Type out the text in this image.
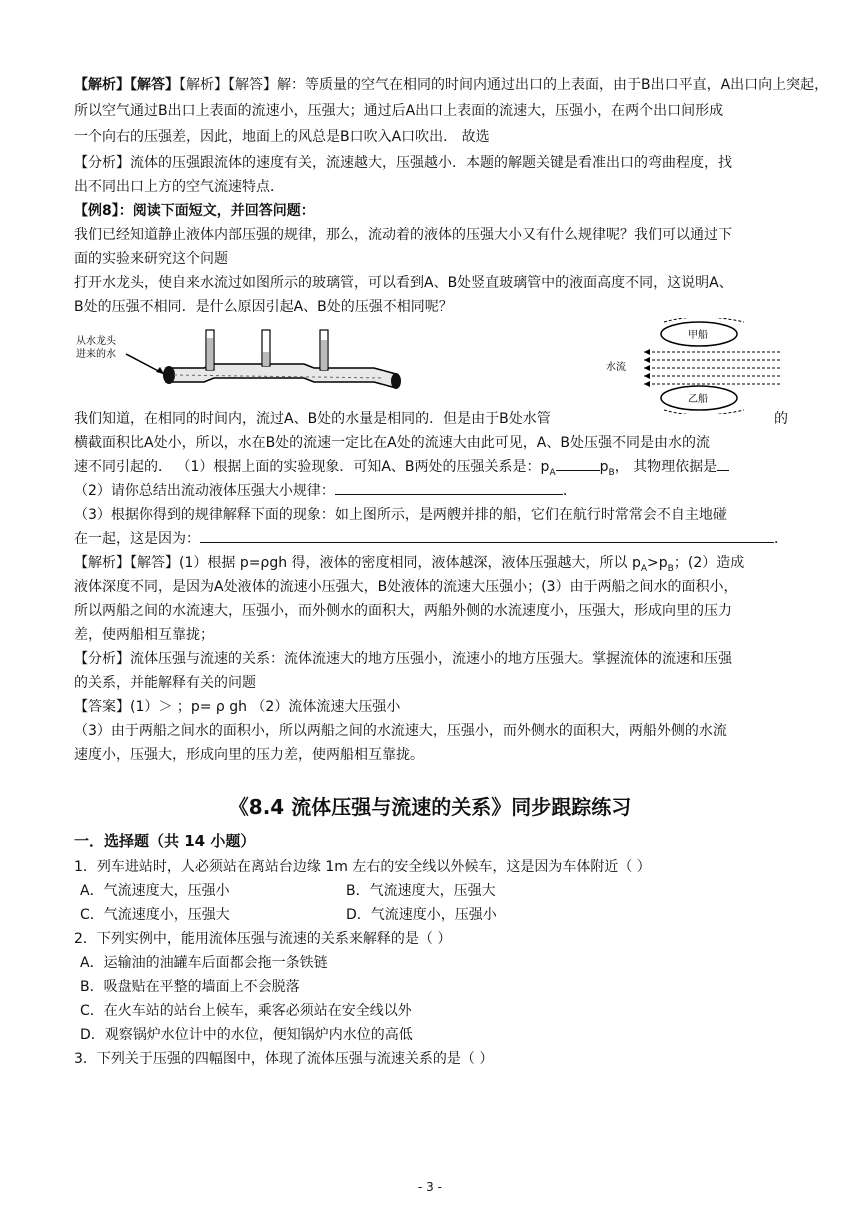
【解析】【解答】【解析】【解答】解：等质量的空气在相同的时间内通过出口的上表面，由于B出口平直，A出口向上突起，
所以空气通过B出口上表面的流速小，压强大；通过后A出口上表面的流速大，压强小，在两个出口间形成
一个向右的压强差，因此，地面上的风总是B口吹入A口吹出． 故选
【分析】流体的压强跟流体的速度有关，流速越大，压强越小．本题的解题关键是看准出口的弯曲程度，找
出不同出口上方的空气流速特点．
【例8】：阅读下面短文，并回答问题：
我们已经知道静止液体内部压强的规律，那么，流动着的液体的压强大小又有什么规律呢？我们可以通过下
面的实验来研究这个问题
打开水龙头，使自来水流过如图所示的玻璃管，可以看到A、B处竖直玻璃管中的液面高度不同，这说明A、
B处的压强不相同．是什么原因引起A、B处的压强不相同呢？
从水龙头
进来的水
甲船
乙船
水流
我们知道，在相同的时间内，流过A、B处的水量是相同的．但是由于B处水管	的
横截面积比A处小，所以，水在B处的流速一定比在A处的流速大由此可见，A、B处压强不同是由水的流
速不同引起的． （1）根据上面的实验现象．可知A、B两处的压强关系是：$p_A$	$p_B$， 其物理依据是
（2）请你总结出流动液体压强大小规律：	．
（3）根据你得到的规律解释下面的现象：如上图所示，是两艘并排的船，它们在航行时常常会不自主地碰
在一起，这是因为：	．
【解析】【解答】(1）根据 p=ρgh 得，液体的密度相同，液体越深，液体压强越大，所以 $p_A>p_B$；(2）造成
液体深度不同，是因为A处液体的流速小压强大，B处液体的流速大压强小；(3）由于两船之间水的面积小，
所以两船之间的水流速大，压强小，而外侧水的面积大，两船外侧的水流速度小，压强大，形成向里的压力
差，使两船相互靠拢；
【分析】流体压强与流速的关系：流体流速大的地方压强小，流速小的地方压强大。掌握流体的流速和压强
的关系，并能解释有关的问题
【答案】(1）＞ ；p= ρ gh （2）流体流速大压强小
（3）由于两船之间水的面积小，所以两船之间的水流速大，压强小，而外侧水的面积大，两船外侧的水流
速度小，压强大，形成向里的压力差，使两船相互靠拢。
《8.4 流体压强与流速的关系》同步跟踪练习
一．选择题（共 14 小题）
1．列车进站时，人必须站在离站台边缘 1m 左右的安全线以外候车，这是因为车体附近（ ）
A．气流速度大，压强小	B．气流速度大，压强大
C．气流速度小，压强大	D．气流速度小，压强小
2．下列实例中，能用流体压强与流速的关系来解释的是（ ）
A．运输油的油罐车后面都会拖一条铁链
B．吸盘贴在平整的墙面上不会脱落
C．在火车站的站台上候车，乘客必须站在安全线以外
D．观察锅炉水位计中的水位，便知锅炉内水位的高低
3．下列关于压强的四幅图中，体现了流体压强与流速关系的是（ ）
- 3 -
